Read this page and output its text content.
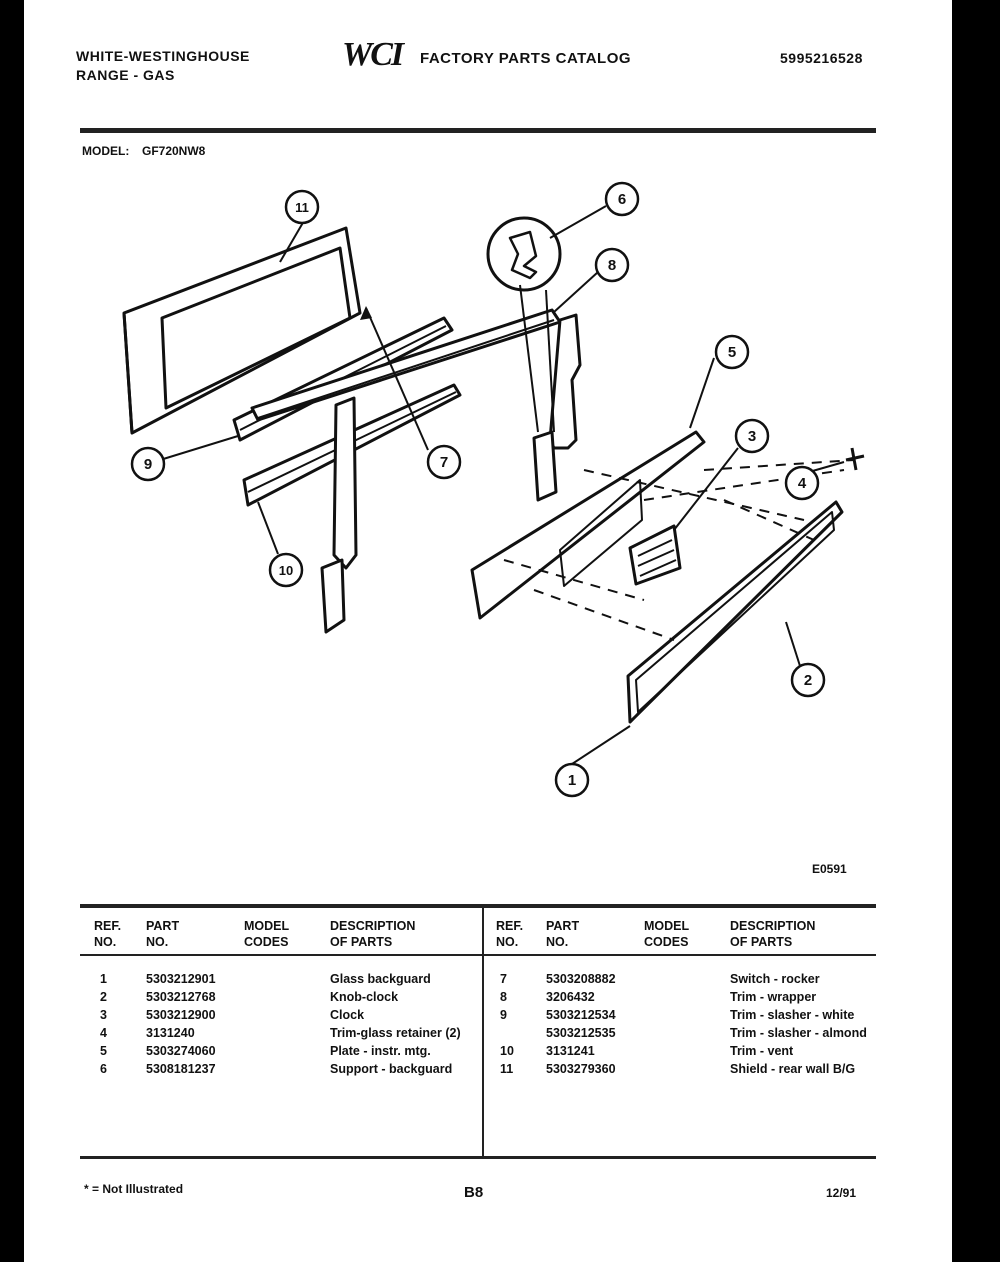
WHITE-WESTINGHOUSE
RANGE - GAS
WCI FACTORY PARTS CATALOG	5995216528
MODEL: GF720NW8
1
2
3
4
5
6
7
8
9
10
11
E0591
REF.
NO.
PART
NO.
MODEL
CODES
DESCRIPTION
OF PARTS
REF.
NO.
PART
NO.
MODEL
CODES
DESCRIPTION
OF PARTS
1	5303212901	Glass backguard
2	5303212768	Knob-clock
3	5303212900	Clock
4	3131240	Trim-glass retainer (2)
5	5303274060	Plate - instr. mtg.
6	5308181237	Support - backguard
7	5303208882	Switch - rocker
8	3206432	Trim - wrapper
9	5303212534	Trim - slasher - white
5303212535	Trim - slasher - almond
10	3131241	Trim - vent
11	5303279360	Shield - rear wall B/G
* = Not Illustrated	B8	12/91
